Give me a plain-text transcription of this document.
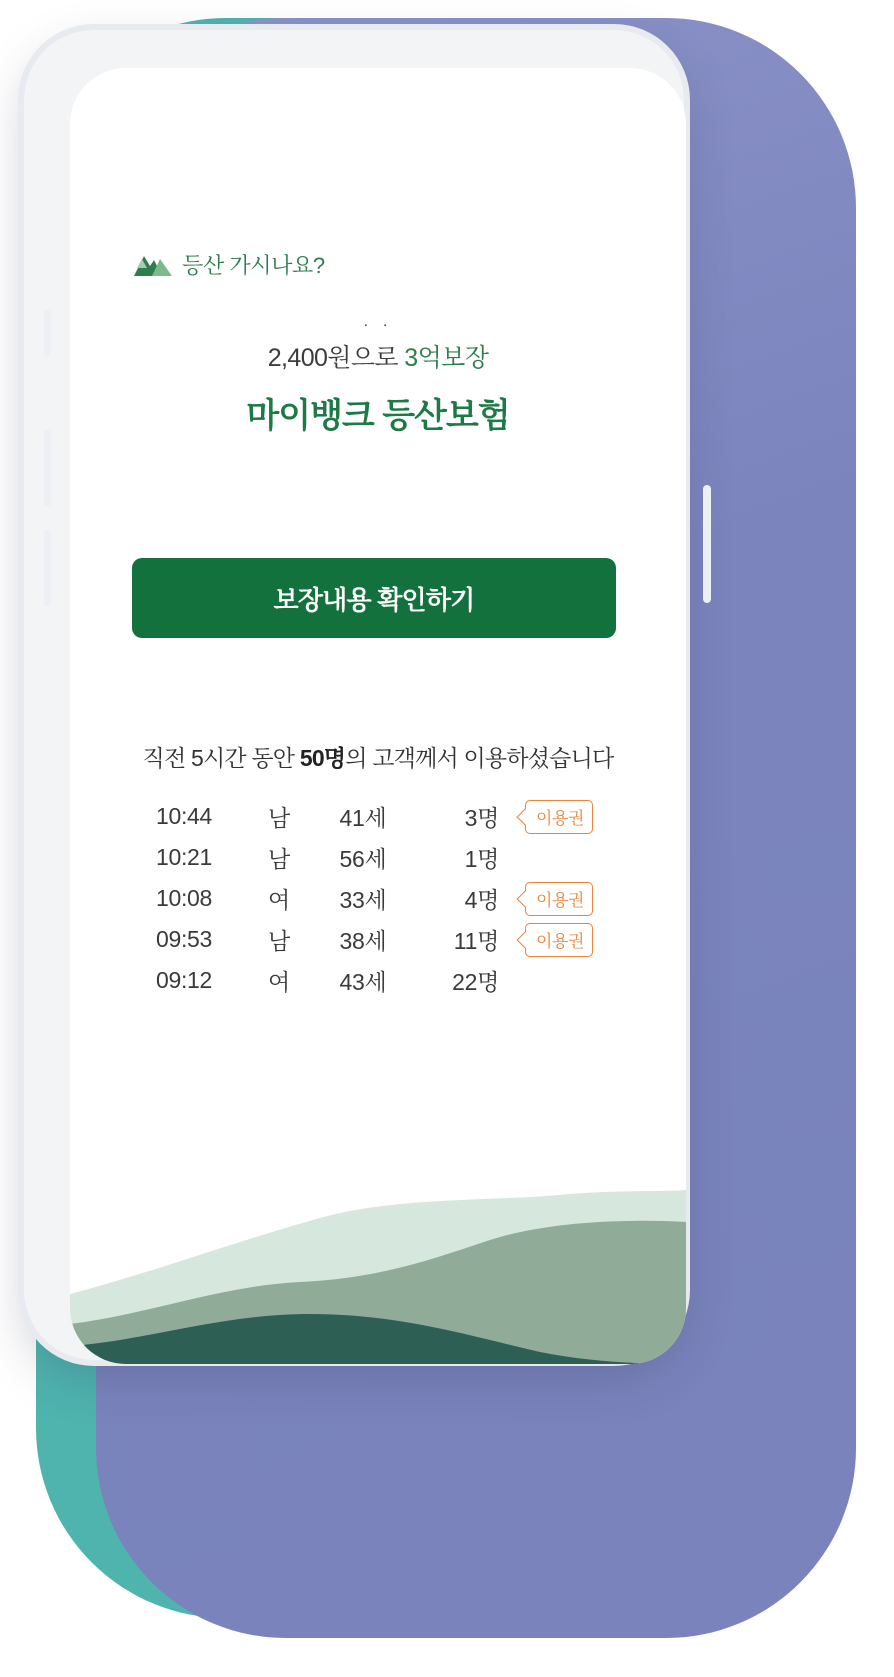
등산 가시나요?
· ·
2,400원으로 3억보장
마이뱅크 등산보험
보장내용 확인하기
직전 5시간 동안 50명의 고객께서 이용하셨습니다
10:44	남	41세	3명	이용권
10:21	남	56세	1명
10:08	여	33세	4명	이용권
09:53	남	38세	11명	이용권
09:12	여	43세	22명
